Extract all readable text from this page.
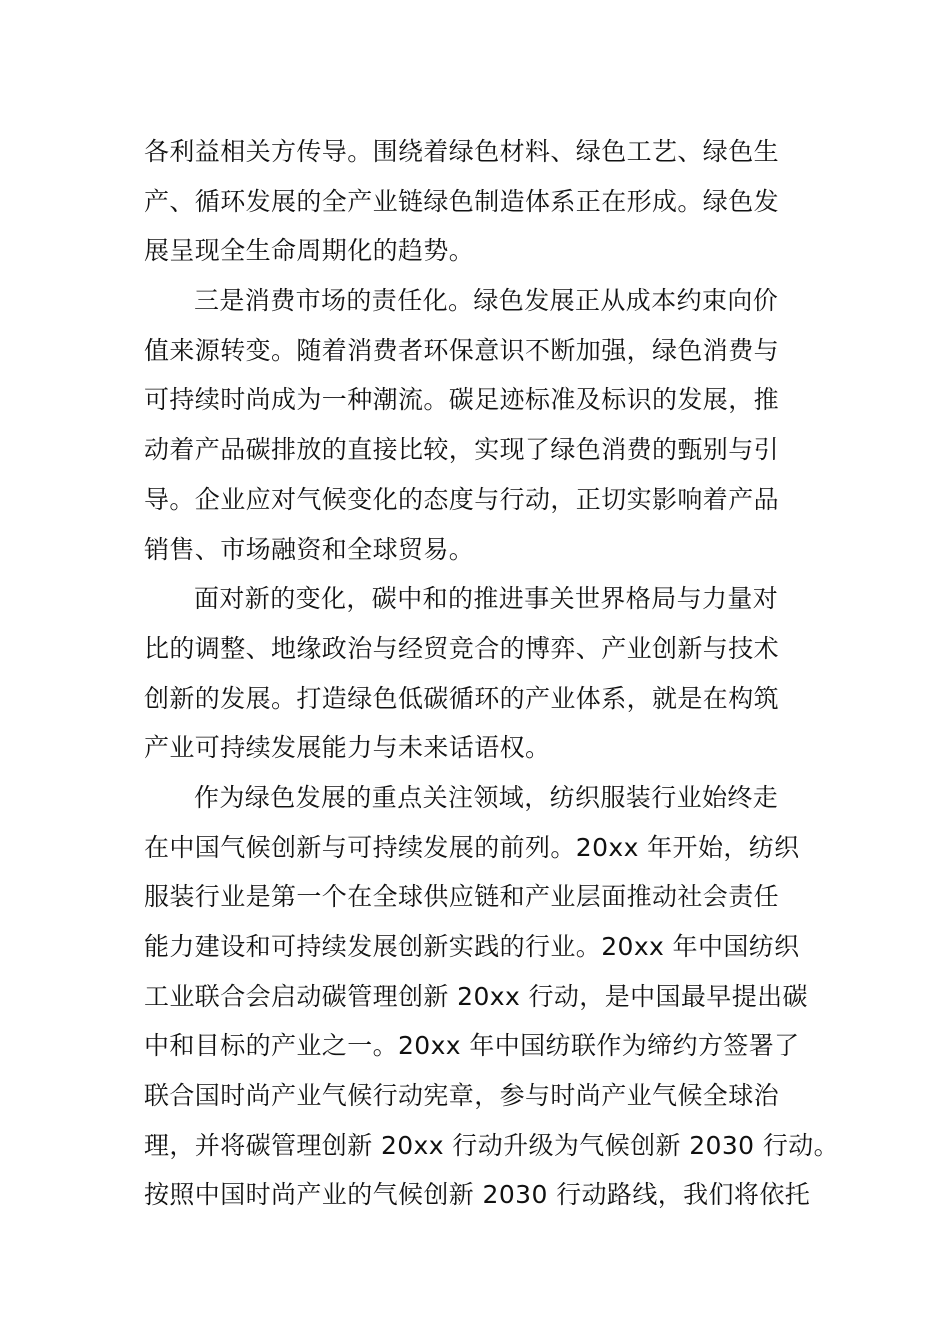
各利益相关方传导。围绕着绿色材料、绿色工艺、绿色生
产、循环发展的全产业链绿色制造体系正在形成。绿色发
展呈现全生命周期化的趋势。
三是消费市场的责任化。绿色发展正从成本约束向价
值来源转变。随着消费者环保意识不断加强，绿色消费与
可持续时尚成为一种潮流。碳足迹标准及标识的发展，推
动着产品碳排放的直接比较，实现了绿色消费的甄别与引
导。企业应对气候变化的态度与行动，正切实影响着产品
销售、市场融资和全球贸易。
面对新的变化，碳中和的推进事关世界格局与力量对
比的调整、地缘政治与经贸竞合的博弈、产业创新与技术
创新的发展。打造绿色低碳循环的产业体系，就是在构筑
产业可持续发展能力与未来话语权。
作为绿色发展的重点关注领域，纺织服装行业始终走
在中国气候创新与可持续发展的前列。20xx 年开始，纺织
服装行业是第一个在全球供应链和产业层面推动社会责任
能力建设和可持续发展创新实践的行业。20xx 年中国纺织
工业联合会启动碳管理创新 20xx 行动，是中国最早提出碳
中和目标的产业之一。20xx 年中国纺联作为缔约方签署了
联合国时尚产业气候行动宪章，参与时尚产业气候全球治
理，并将碳管理创新 20xx 行动升级为气候创新 2030 行动。
按照中国时尚产业的气候创新 2030 行动路线，我们将依托
